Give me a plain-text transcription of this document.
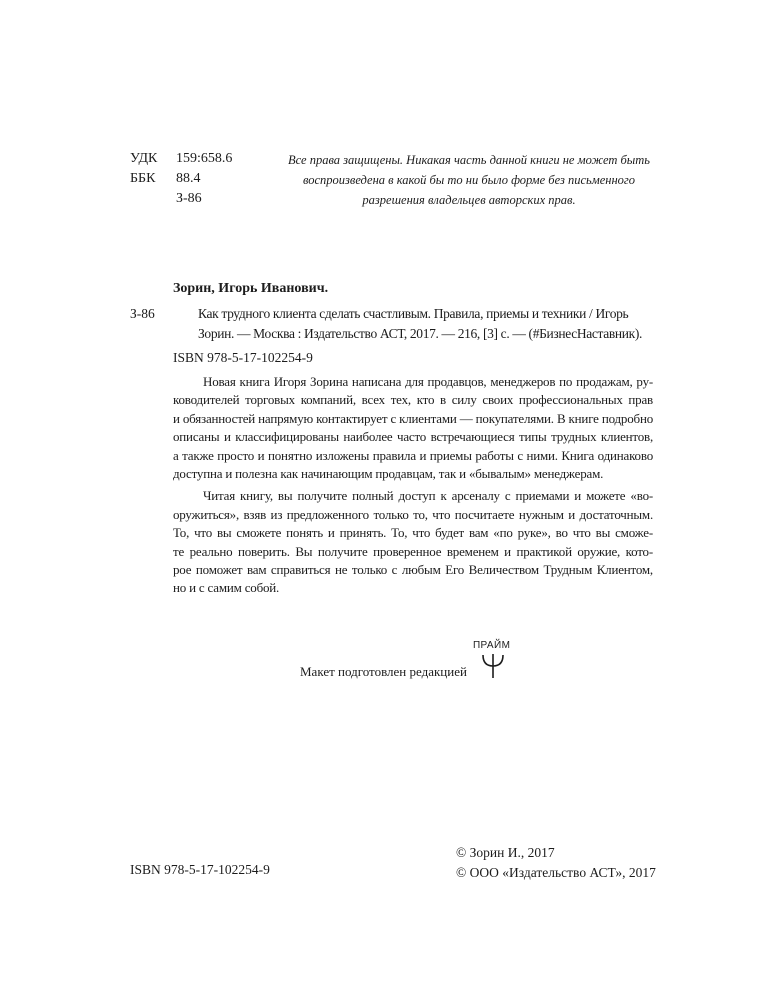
УДК 159:658.6
ББК 88.4
З-86
Все права защищены. Никакая часть данной книги не может быть
воспроизведена в какой бы то ни было форме без письменного
разрешения владельцев авторских прав.
Зорин, Игорь Иванович.
З-86	Как трудного клиента сделать счастливым. Правила, приемы и техники / Игорь
Зорин. — Москва : Издательство АСТ, 2017. — 216, [3] с. — (#БизнесНаставник).
ISBN 978-5-17-102254-9
Новая книга Игоря Зорина написана для продавцов, менеджеров по продажам, ру-
ководителей торговых компаний, всех тех, кто в силу своих профессиональных прав
и обязанностей напрямую контактирует с клиентами — покупателями. В книге подробно
описаны и классифицированы наиболее часто встречающиеся типы трудных клиентов,
а также просто и понятно изложены правила и приемы работы с ними. Книга одинаково
доступна и полезна как начинающим продавцам, так и «бывалым» менеджерам.
Читая книгу, вы получите полный доступ к арсеналу с приемами и можете «во-
оружиться», взяв из предложенного только то, что посчитаете нужным и достаточным.
То, что вы сможете понять и принять. То, что будет вам «по руке», во что вы сможе-
те реально поверить. Вы получите проверенное временем и практикой оружие, кото-
рое поможет вам справиться не только с любым Его Величеством Трудным Клиентом,
но и с самим собой.
Макет подготовлен редакцией
ПРАЙМ
ISBN 978-5-17-102254-9
© Зорин И., 2017
© ООО «Издательство АСТ», 2017
